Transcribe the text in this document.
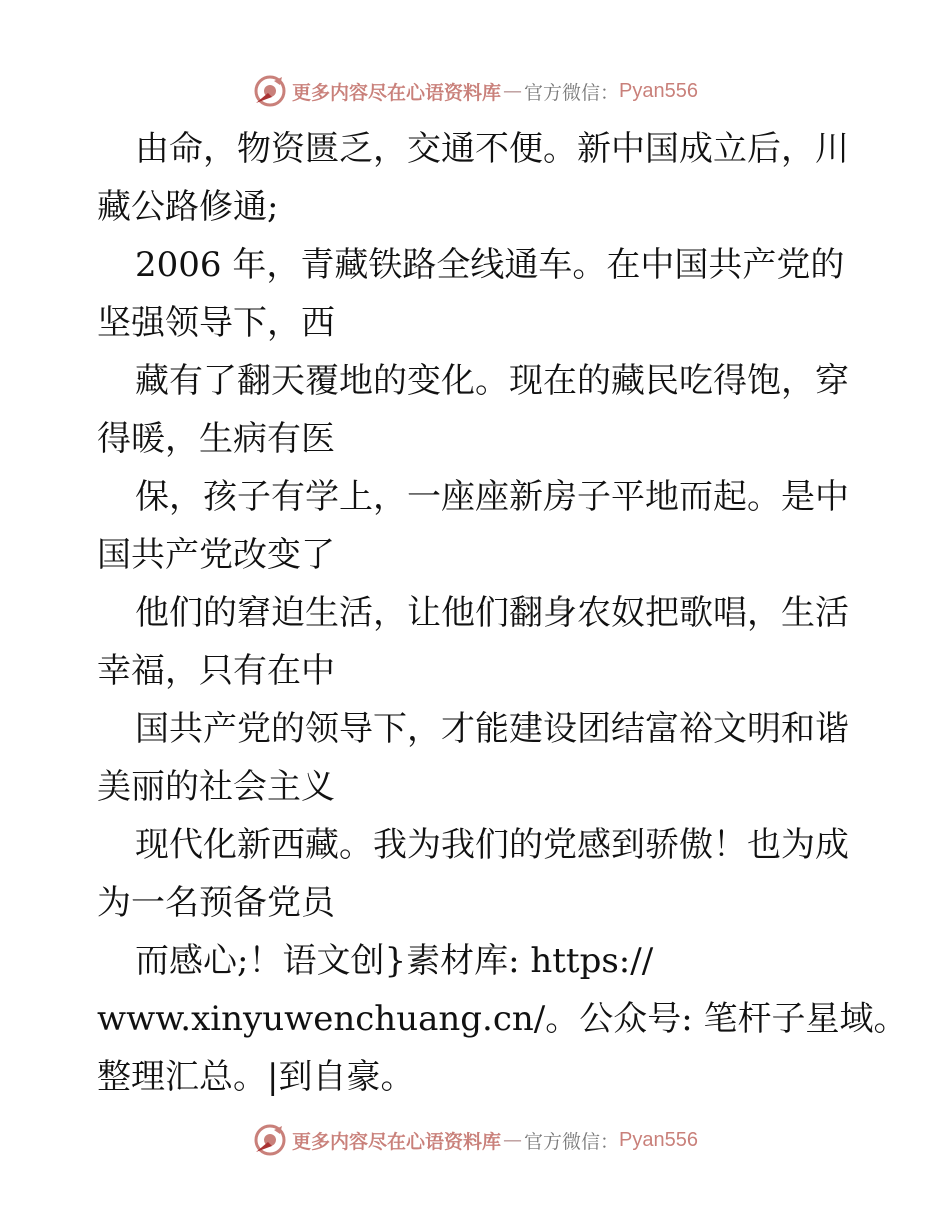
更多内容尽在心语资料库 — 官方微信： Pyan556
由命，物资匮乏，交通不便。新中国成立后，川
藏公路修通;
2006 年，青藏铁路全线通车。在中国共产党的
坚强领导下，西
藏有了翻天覆地的变化。现在的藏民吃得饱，穿
得暖，生病有医
保，孩子有学上，一座座新房子平地而起。是中
国共产党改变了
他们的窘迫生活，让他们翻身农奴把歌唱，生活
幸福，只有在中
国共产党的领导下，才能建设团结富裕文明和谐
美丽的社会主义
现代化新西藏。我为我们的党感到骄傲！也为成
为一名预备党员
而感心;！语文创}素材库: https://
www.xinyuwenchuang.cn/。公众号: 笔杆子星域。
整理汇总。|到自豪。
更多内容尽在心语资料库 — 官方微信： Pyan556
